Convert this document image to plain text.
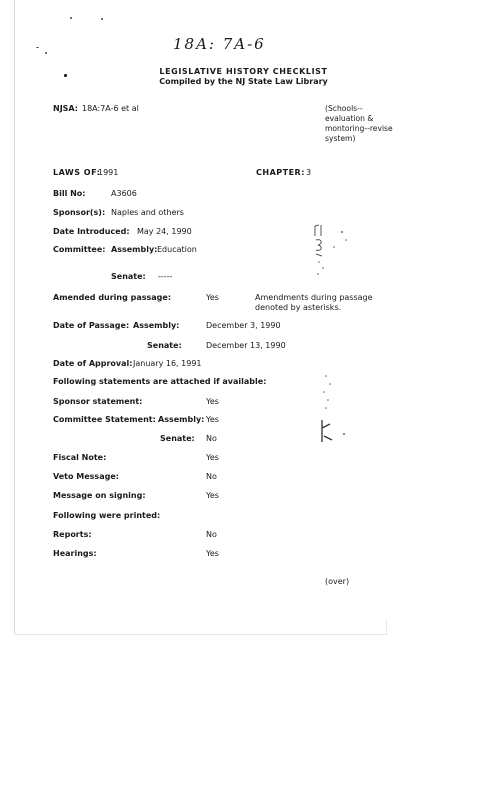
18A: 7A-6
LEGISLATIVE HISTORY CHECKLIST
Compiled by the NJ State Law Library
NJSA: 18A:7A-6 et al	(Schools--
evaluation &
montoring--revise
system)
LAWS OF:
1991	CHAPTER: 3
Bill No:	A3606
Sponsor(s): Naples and others
Date Introduced: May 24, 1990
Committee: Assembly: Education
Senate: -----
Amended during passage:	Yes	Amendments during passage
denoted by asterisks.
Date of Passage: Assembly:	December 3, 1990
Senate:	December 13, 1990
Date of Approval: January 16, 1991
Following statements are attached if available:
Sponsor statement:	Yes
Committee Statement: Assembly: Yes
Senate: No
Fiscal Note:	Yes
Veto Message:	No
Message on signing:	Yes
Following were printed:
Reports:	No
Hearings:	Yes
(over)
